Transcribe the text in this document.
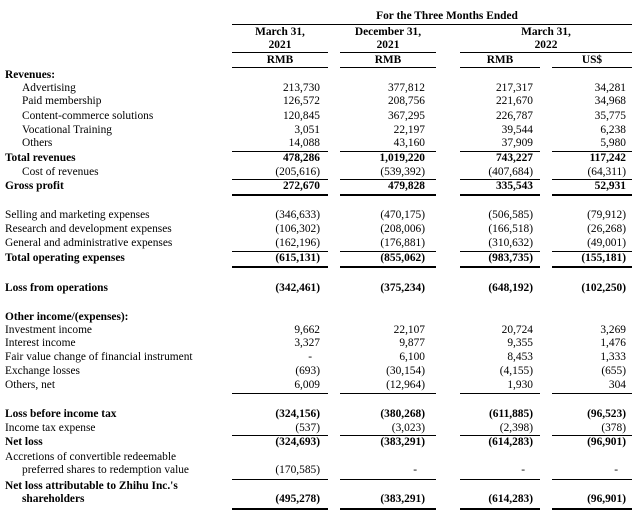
For the Three Months Ended
March 31,
2021
December 31,
2021
March 31,
2022
RMB	RMB	RMB	US$
Revenues:
Advertising	213,730	377,812	217,317	34,281
Paid membership	126,572	208,756	221,670	34,968
Content-commerce solutions	120,845	367,295	226,787	35,775
Vocational Training	3,051	22,197	39,544	6,238
Others	14,088	43,160	37,909	5,980
Total revenues	478,286	1,019,220	743,227	117,242
Cost of revenues	(205,616)	(539,392)	(407,684)	(64,311)
Gross profit	272,670	479,828	335,543	52,931
Selling and marketing expenses	(346,633)	(470,175)	(506,585)	(79,912)
Research and development expenses	(106,302)	(208,006)	(166,518)	(26,268)
General and administrative expenses	(162,196)	(176,881)	(310,632)	(49,001)
Total operating expenses	(615,131)	(855,062)	(983,735)	(155,181)
Loss from operations	(342,461)	(375,234)	(648,192)	(102,250)
Other income/(expenses):
Investment income	9,662	22,107	20,724	3,269
Interest income	3,327	9,877	9,355	1,476
Fair value change of financial instrument	-	6,100	8,453	1,333
Exchange losses	(693)	(30,154)	(4,155)	(655)
Others, net	6,009	(12,964)	1,930	304
Loss before income tax	(324,156)	(380,268)	(611,885)	(96,523)
Income tax expense	(537)	(3,023)	(2,398)	(378)
Net loss	(324,693)	(383,291)	(614,283)	(96,901)
Accretions of convertible redeemable
preferred shares to redemption value	(170,585)	-	-	-
Net loss attributable to Zhihu Inc.'s
shareholders	(495,278)	(383,291)	(614,283)	(96,901)
